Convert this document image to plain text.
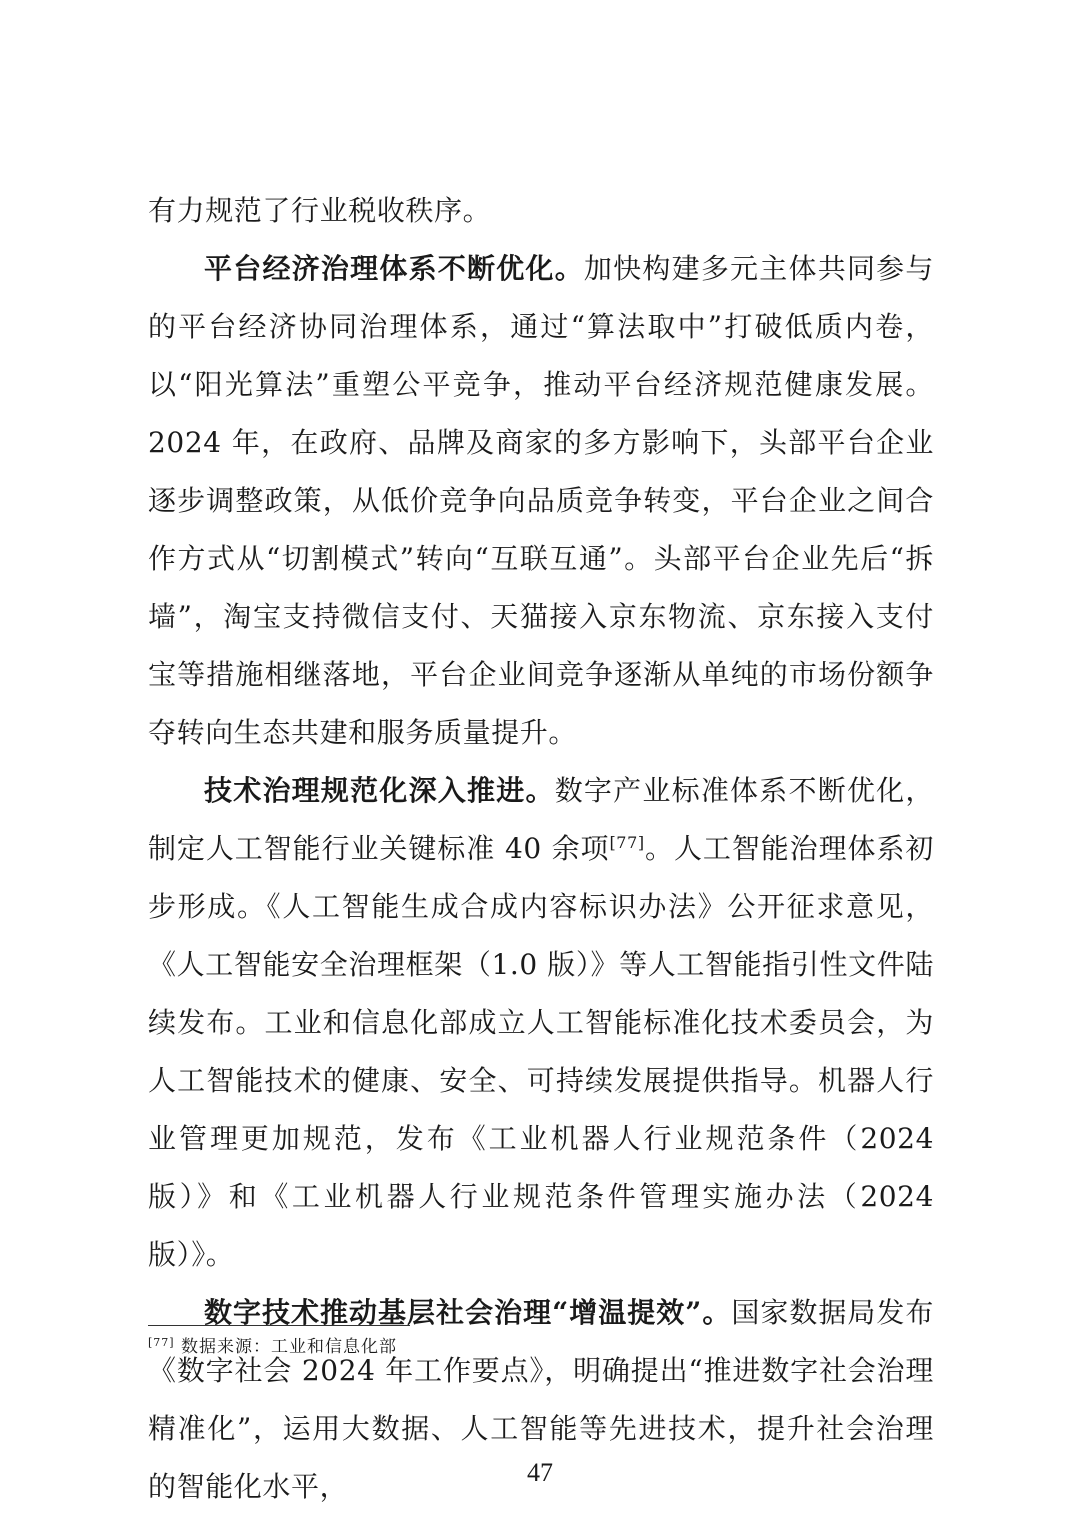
有力规范了行业税收秩序。

平台经济治理体系不断优化。加快构建多元主体共同参与的平台经济协同治理体系，通过“算法取中”打破低质内卷，以“阳光算法”重塑公平竞争，推动平台经济规范健康发展。2024 年，在政府、品牌及商家的多方影响下，头部平台企业逐步调整政策，从低价竞争向品质竞争转变，平台企业之间合作方式从“切割模式”转向“互联互通”。头部平台企业先后“拆墙”，淘宝支持微信支付、天猫接入京东物流、京东接入支付宝等措施相继落地，平台企业间竞争逐渐从单纯的市场份额争夺转向生态共建和服务质量提升。

技术治理规范化深入推进。数字产业标准体系不断优化，制定人工智能行业关键标准 40 余项[77]。人工智能治理体系初步形成。《人工智能生成合成内容标识办法》公开征求意见，《人工智能安全治理框架（1.0 版）》等人工智能指引性文件陆续发布。工业和信息化部成立人工智能标准化技术委员会，为人工智能技术的健康、安全、可持续发展提供指导。机器人行业管理更加规范，发布《工业机器人行业规范条件（2024 版）》和《工业机器人行业规范条件管理实施办法（2024 版）》。

数字技术推动基层社会治理“增温提效”。国家数据局发布《数字社会 2024 年工作要点》，明确提出“推进数字社会治理精准化”，运用大数据、人工智能等先进技术，提升社会治理的智能化水平，

[77] 数据来源：工业和信息化部
47
